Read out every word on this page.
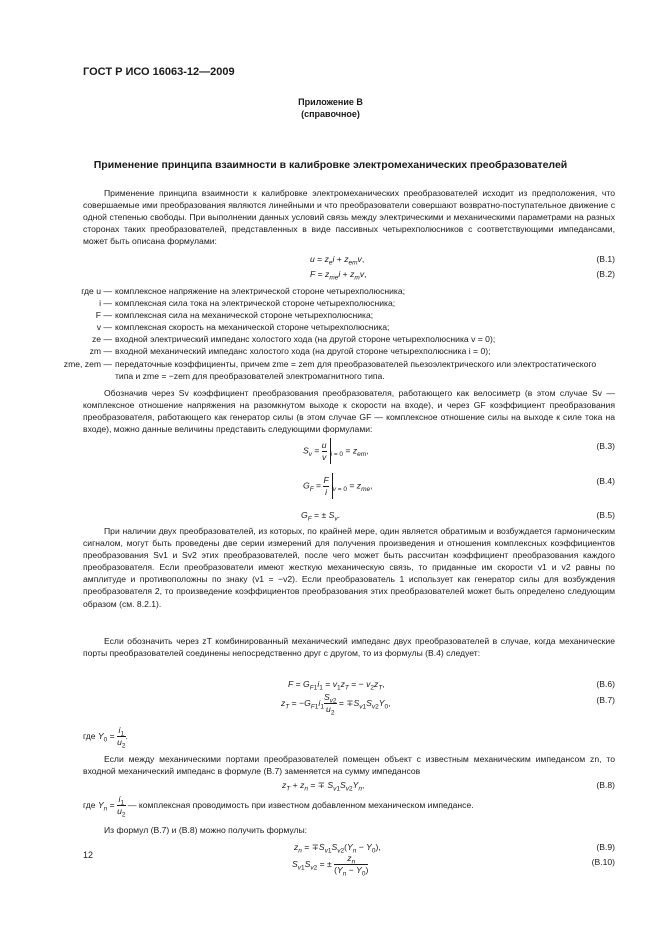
ГОСТ Р ИСО 16063-12—2009
Приложение B
(справочное)
Применение принципа взаимности в калибровке электромеханических преобразователей
Применение принципа взаимности к калибровке электромеханических преобразователей исходит из предположения, что совершаемые ими преобразования являются линейными и что преобразователи совершают возвратно-поступательное движение с одной степенью свободы. При выполнении данных условий связь между электрическими и механическими параметрами на разных сторонах таких преобразователей, представленных в виде пассивных четырехполюсников с соответствующими импедансами, может быть описана формулами:
$u = z_ei + z_{em}v$,	(B.1)
$F = z_{me}i + z_mv$,	(B.2)
где u — комплексное напряжение на электрической стороне четырехполюсника;
i — комплексная сила тока на электрической стороне четырехполюсника;
F — комплексная сила на механической стороне четырехполюсника;
v — комплексная скорость на механической стороне четырехполюсника;
ze — входной электрический импеданс холостого хода (на другой стороне четырехполюсника v = 0);
zm — входной механический импеданс холостого хода (на другой стороне четырехполюсника i = 0);
zme, zem — передаточные коэффициенты, причем zme = zem для преобразователей пьезоэлектрического или электростатического типа и zme = −zem для преобразователей электромагнитного типа.
Обозначив через Sv коэффициент преобразования преобразователя, работающего как велосиметр (в этом случае Sv — комплексное отношение напряжения на разомкнутом выходе к скорости на входе), и через GF коэффициент преобразования преобразователя, работающего как генератор силы (в этом случае GF — комплексное отношение силы на выходе к силе тока на входе), можно данные величины представить следующими формулами:
$S_v = \frac{u}{v} _{i = 0} = z_{em}$,	(B.3)
$G_F = \frac{F}{i} _{v = 0} = z_{me}$,	(B.4)
$G_F$ = ± $S_v$.	(B.5)
При наличии двух преобразователей, из которых, по крайней мере, один является обратимым и возбуждается гармоническим сигналом, могут быть проведены две серии измерений для получения произведения и отношения комплексных коэффициентов преобразования Sv1 и Sv2 этих преобразователей, после чего может быть рассчитан коэффициент преобразования каждого преобразователя. Если преобразователи имеют жесткую механическую связь, то приданные им скорости v1 и v2 равны по амплитуде и противоположны по знаку (v1 = −v2). Если преобразователь 1 использует как генератор силы для возбуждения преобразователя 2, то произведение коэффициентов преобразования этих преобразователей может быть определено следующим образом (см. 8.2.1).
Если обозначить через zT комбинированный механический импеданс двух преобразователей в случае, когда механические порты преобразователей соединены непосредственно друг с другом, то из формулы (B.4) следует:
$F = G_{F1}i_1 = v_1z_T$ = − $v_2z_T$,	(B.6)
$z_T = -G_{F1}i_1 \frac{S_{v2}}{u_2} = \mp S_{v1}S_{v2}Y_0$,	(B.7)
где $Y_0 = \frac{i_1}{u_2}$ .
Если между механическими портами преобразователей помещен объект с известным механическим импедансом zn, то входной механический импеданс в формуле (B.7) заменяется на сумму импедансов
$z_T + z_n$ = ∓ $S_{v1}S_{v2}Y_n$,	(B.8)
где $Y_n = \frac{i_1}{u_2}$ — комплексная проводимость при известном добавленном механическом импедансе.
Из формул (B.7) и (B.8) можно получить формулы:
$z_n = \mp S_{v1}S_{v2}(Y_n - Y_0)$,	(B.9)
$S_{v1}S_{v2}$ = ± $\frac{z_n}{(Y_n - Y_0)}$	(B.10)
12
